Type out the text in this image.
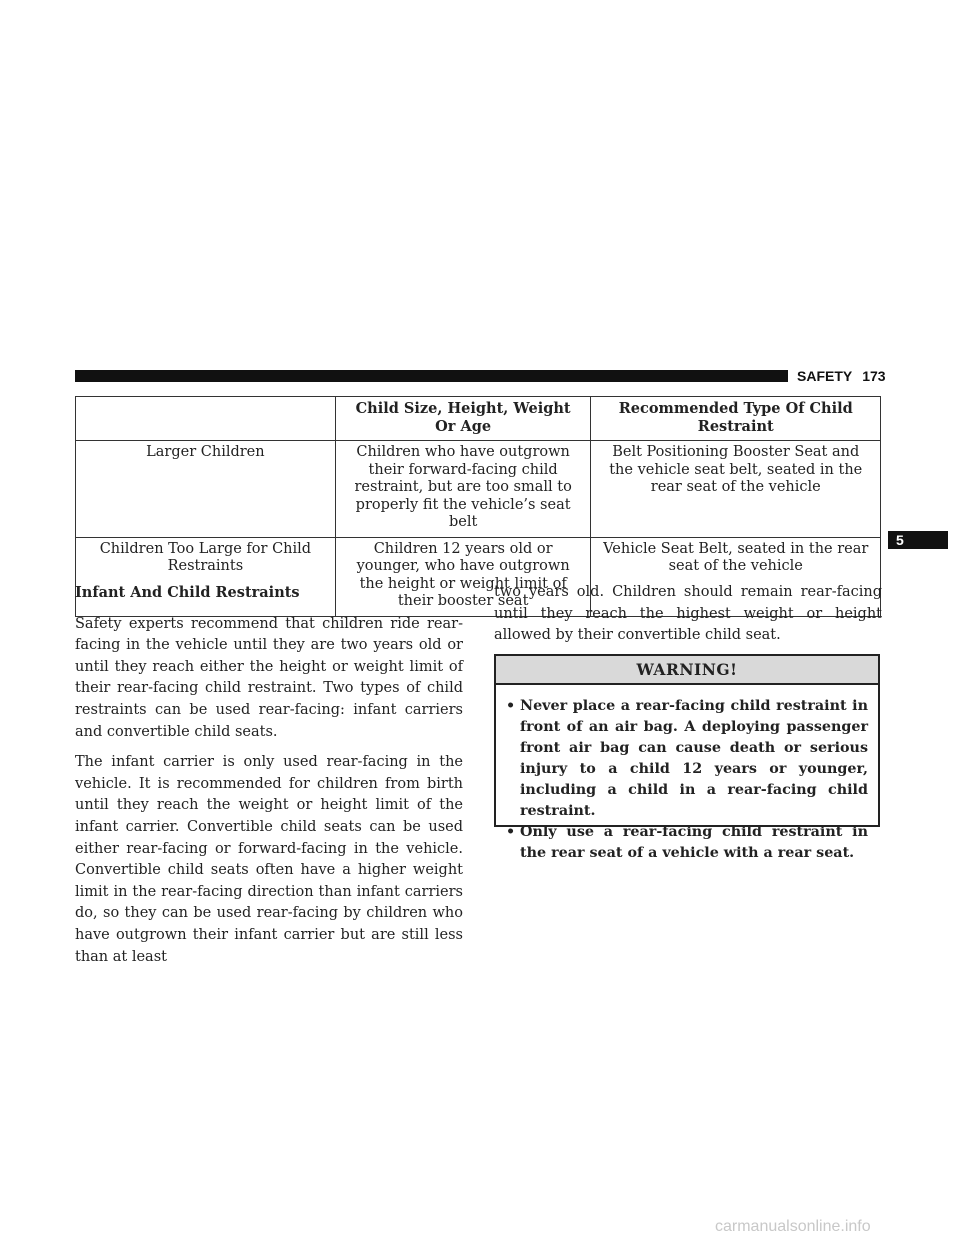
SAFETY 173
5
	Child Size, Height, Weight Or Age	Recommended Type Of Child Restraint
Larger Children	Children who have outgrown their forward-facing child restraint, but are too small to properly fit the vehicle’s seat belt	Belt Positioning Booster Seat and the vehicle seat belt, seated in the rear seat of the vehicle
Children Too Large for Child Restraints	Children 12 years old or younger, who have outgrown the height or weight limit of their booster seat	Vehicle Seat Belt, seated in the rear seat of the vehicle
Infant And Child Restraints

Safety experts recommend that children ride rear-facing in the vehicle until they are two years old or until they reach either the height or weight limit of their rear-facing child restraint. Two types of child restraints can be used rear-facing: infant carriers and convertible child seats.

The infant carrier is only used rear-facing in the vehicle. It is recommended for children from birth until they reach the weight or height limit of the infant carrier. Convertible child seats can be used either rear-facing or forward-facing in the vehicle. Convertible child seats often have a higher weight limit in the rear-facing direction than infant carriers do, so they can be used rear-facing by children who have outgrown their infant carrier but are still less than at least

two years old. Children should remain rear-facing until they reach the highest weight or height allowed by their convertible child seat.

WARNING!
• Never place a rear-facing child restraint in front of an air bag. A deploying passenger front air bag can cause death or serious injury to a child 12 years or younger, including a child in a rear-facing child restraint.
• Only use a rear-facing child restraint in the rear seat of a vehicle with a rear seat.
carmanualsonline.info
